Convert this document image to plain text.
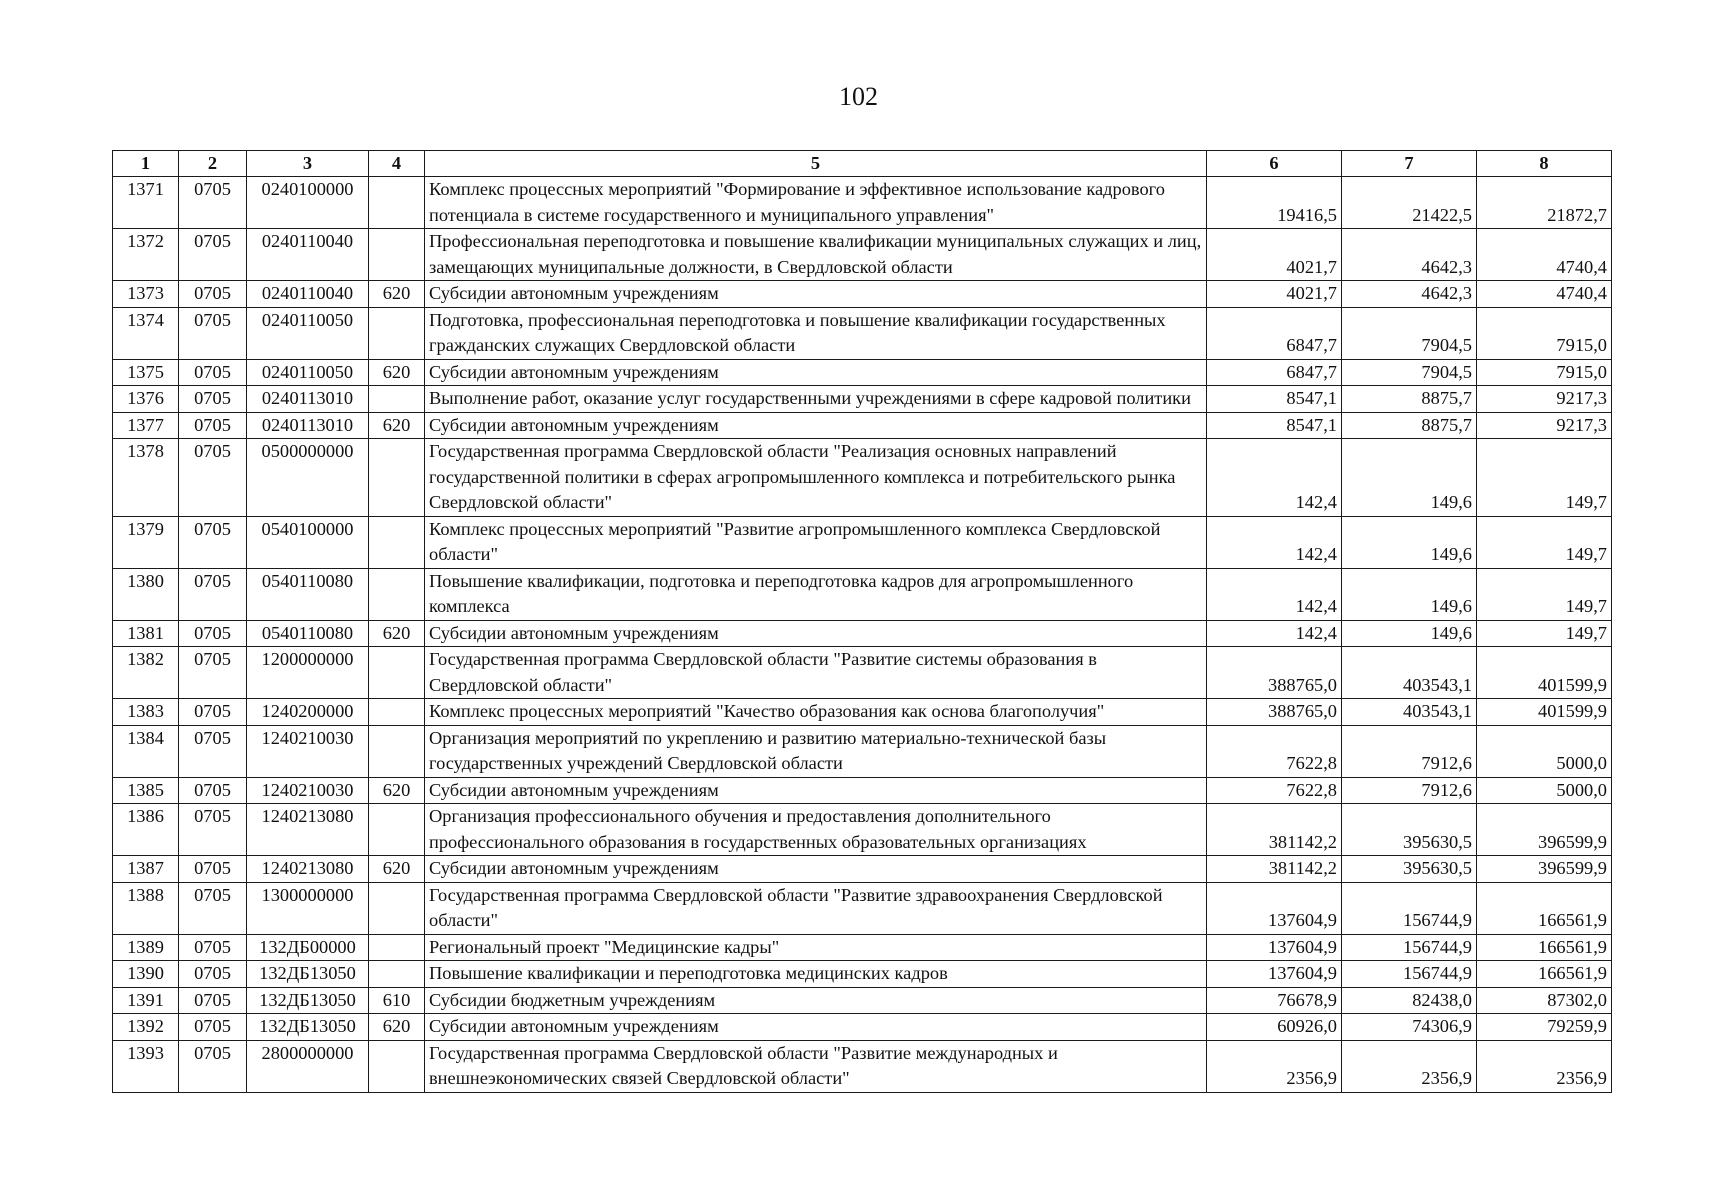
102
1	2	3	4	5	6	7	8
1371	0705	0240100000		Комплекс процессных мероприятий "Формирование и эффективное использование кадрового потенциала в системе государственного и муниципального управления"	19416,5	21422,5	21872,7
1372	0705	0240110040		Профессиональная переподготовка и повышение квалификации муниципальных служащих и лиц, замещающих муниципальные должности, в Свердловской области	4021,7	4642,3	4740,4
1373	0705	0240110040	620	Субсидии автономным учреждениям	4021,7	4642,3	4740,4
1374	0705	0240110050		Подготовка, профессиональная переподготовка и повышение квалификации государственных гражданских служащих Свердловской области	6847,7	7904,5	7915,0
1375	0705	0240110050	620	Субсидии автономным учреждениям	6847,7	7904,5	7915,0
1376	0705	0240113010		Выполнение работ, оказание услуг государственными учреждениями в сфере кадровой политики	8547,1	8875,7	9217,3
1377	0705	0240113010	620	Субсидии автономным учреждениям	8547,1	8875,7	9217,3
1378	0705	0500000000		Государственная программа Свердловской области "Реализация основных направлений государственной политики в сферах агропромышленного комплекса и потребительского рынка Свердловской области"	142,4	149,6	149,7
1379	0705	0540100000		Комплекс процессных мероприятий "Развитие агропромышленного комплекса Свердловской области"	142,4	149,6	149,7
1380	0705	0540110080		Повышение квалификации, подготовка и переподготовка кадров для агропромышленного комплекса	142,4	149,6	149,7
1381	0705	0540110080	620	Субсидии автономным учреждениям	142,4	149,6	149,7
1382	0705	1200000000		Государственная программа Свердловской области "Развитие системы образования в Свердловской области"	388765,0	403543,1	401599,9
1383	0705	1240200000		Комплекс процессных мероприятий "Качество образования как основа благополучия"	388765,0	403543,1	401599,9
1384	0705	1240210030		Организация мероприятий по укреплению и развитию материально-технической базы государственных учреждений Свердловской области	7622,8	7912,6	5000,0
1385	0705	1240210030	620	Субсидии автономным учреждениям	7622,8	7912,6	5000,0
1386	0705	1240213080		Организация профессионального обучения и предоставления дополнительного профессионального образования в государственных образовательных организациях	381142,2	395630,5	396599,9
1387	0705	1240213080	620	Субсидии автономным учреждениям	381142,2	395630,5	396599,9
1388	0705	1300000000		Государственная программа Свердловской области "Развитие здравоохранения Свердловской области"	137604,9	156744,9	166561,9
1389	0705	132ДБ00000		Региональный проект "Медицинские кадры"	137604,9	156744,9	166561,9
1390	0705	132ДБ13050		Повышение квалификации и переподготовка медицинских кадров	137604,9	156744,9	166561,9
1391	0705	132ДБ13050	610	Субсидии бюджетным учреждениям	76678,9	82438,0	87302,0
1392	0705	132ДБ13050	620	Субсидии автономным учреждениям	60926,0	74306,9	79259,9
1393	0705	2800000000		Государственная программа Свердловской области "Развитие международных и внешнеэкономических связей Свердловской области"	2356,9	2356,9	2356,9
